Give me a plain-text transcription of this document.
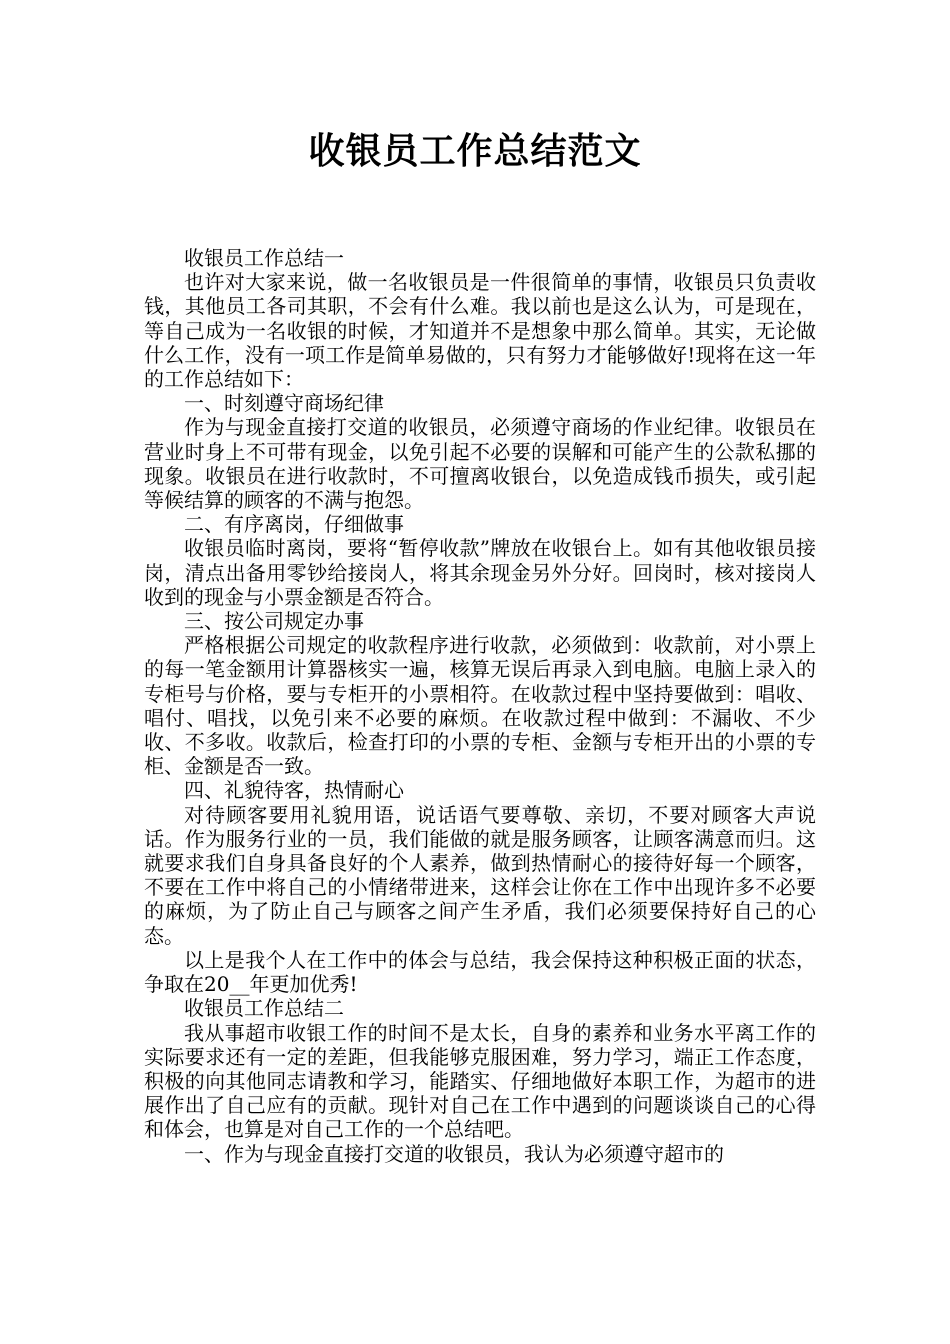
收银员工作总结范文

收银员工作总结一

也许对大家来说，做一名收银员是一件很简单的事情，收银员只负责收钱，其他员工各司其职，不会有什么难。我以前也是这么认为，可是现在，等自己成为一名收银的时候，才知道并不是想象中那么简单。其实，无论做什么工作，没有一项工作是简单易做的，只有努力才能够做好!现将在这一年的工作总结如下：

一、时刻遵守商场纪律

作为与现金直接打交道的收银员，必须遵守商场的作业纪律。收银员在营业时身上不可带有现金，以免引起不必要的误解和可能产生的公款私挪的现象。收银员在进行收款时，不可擅离收银台，以免造成钱币损失，或引起等候结算的顾客的不满与抱怨。

二、有序离岗，仔细做事

收银员临时离岗，要将“暂停收款”牌放在收银台上。如有其他收银员接岗，清点出备用零钞给接岗人，将其余现金另外分好。回岗时，核对接岗人收到的现金与小票金额是否符合。

三、按公司规定办事

严格根据公司规定的收款程序进行收款，必须做到：收款前，对小票上的每一笔金额用计算器核实一遍，核算无误后再录入到电脑。电脑上录入的专柜号与价格，要与专柜开的小票相符。在收款过程中坚持要做到：唱收、唱付、唱找，以免引来不必要的麻烦。在收款过程中做到：不漏收、不少收、不多收。收款后，检查打印的小票的专柜、金额与专柜开出的小票的专柜、金额是否一致。

四、礼貌待客，热情耐心

对待顾客要用礼貌用语，说话语气要尊敬、亲切，不要对顾客大声说话。作为服务行业的一员，我们能做的就是服务顾客，让顾客满意而归。这就要求我们自身具备良好的个人素养，做到热情耐心的接待好每一个顾客，不要在工作中将自己的小情绪带进来，这样会让你在工作中出现许多不必要的麻烦，为了防止自己与顾客之间产生矛盾，我们必须要保持好自己的心态。

以上是我个人在工作中的体会与总结，我会保持这种积极正面的状态，争取在20__年更加优秀!

收银员工作总结二

我从事超市收银工作的时间不是太长，自身的素养和业务水平离工作的实际要求还有一定的差距，但我能够克服困难，努力学习，端正工作态度，积极的向其他同志请教和学习，能踏实、仔细地做好本职工作，为超市的进展作出了自己应有的贡献。现针对自己在工作中遇到的问题谈谈自己的心得和体会，也算是对自己工作的一个总结吧。

一、作为与现金直接打交道的收银员，我认为必须遵守超市的
